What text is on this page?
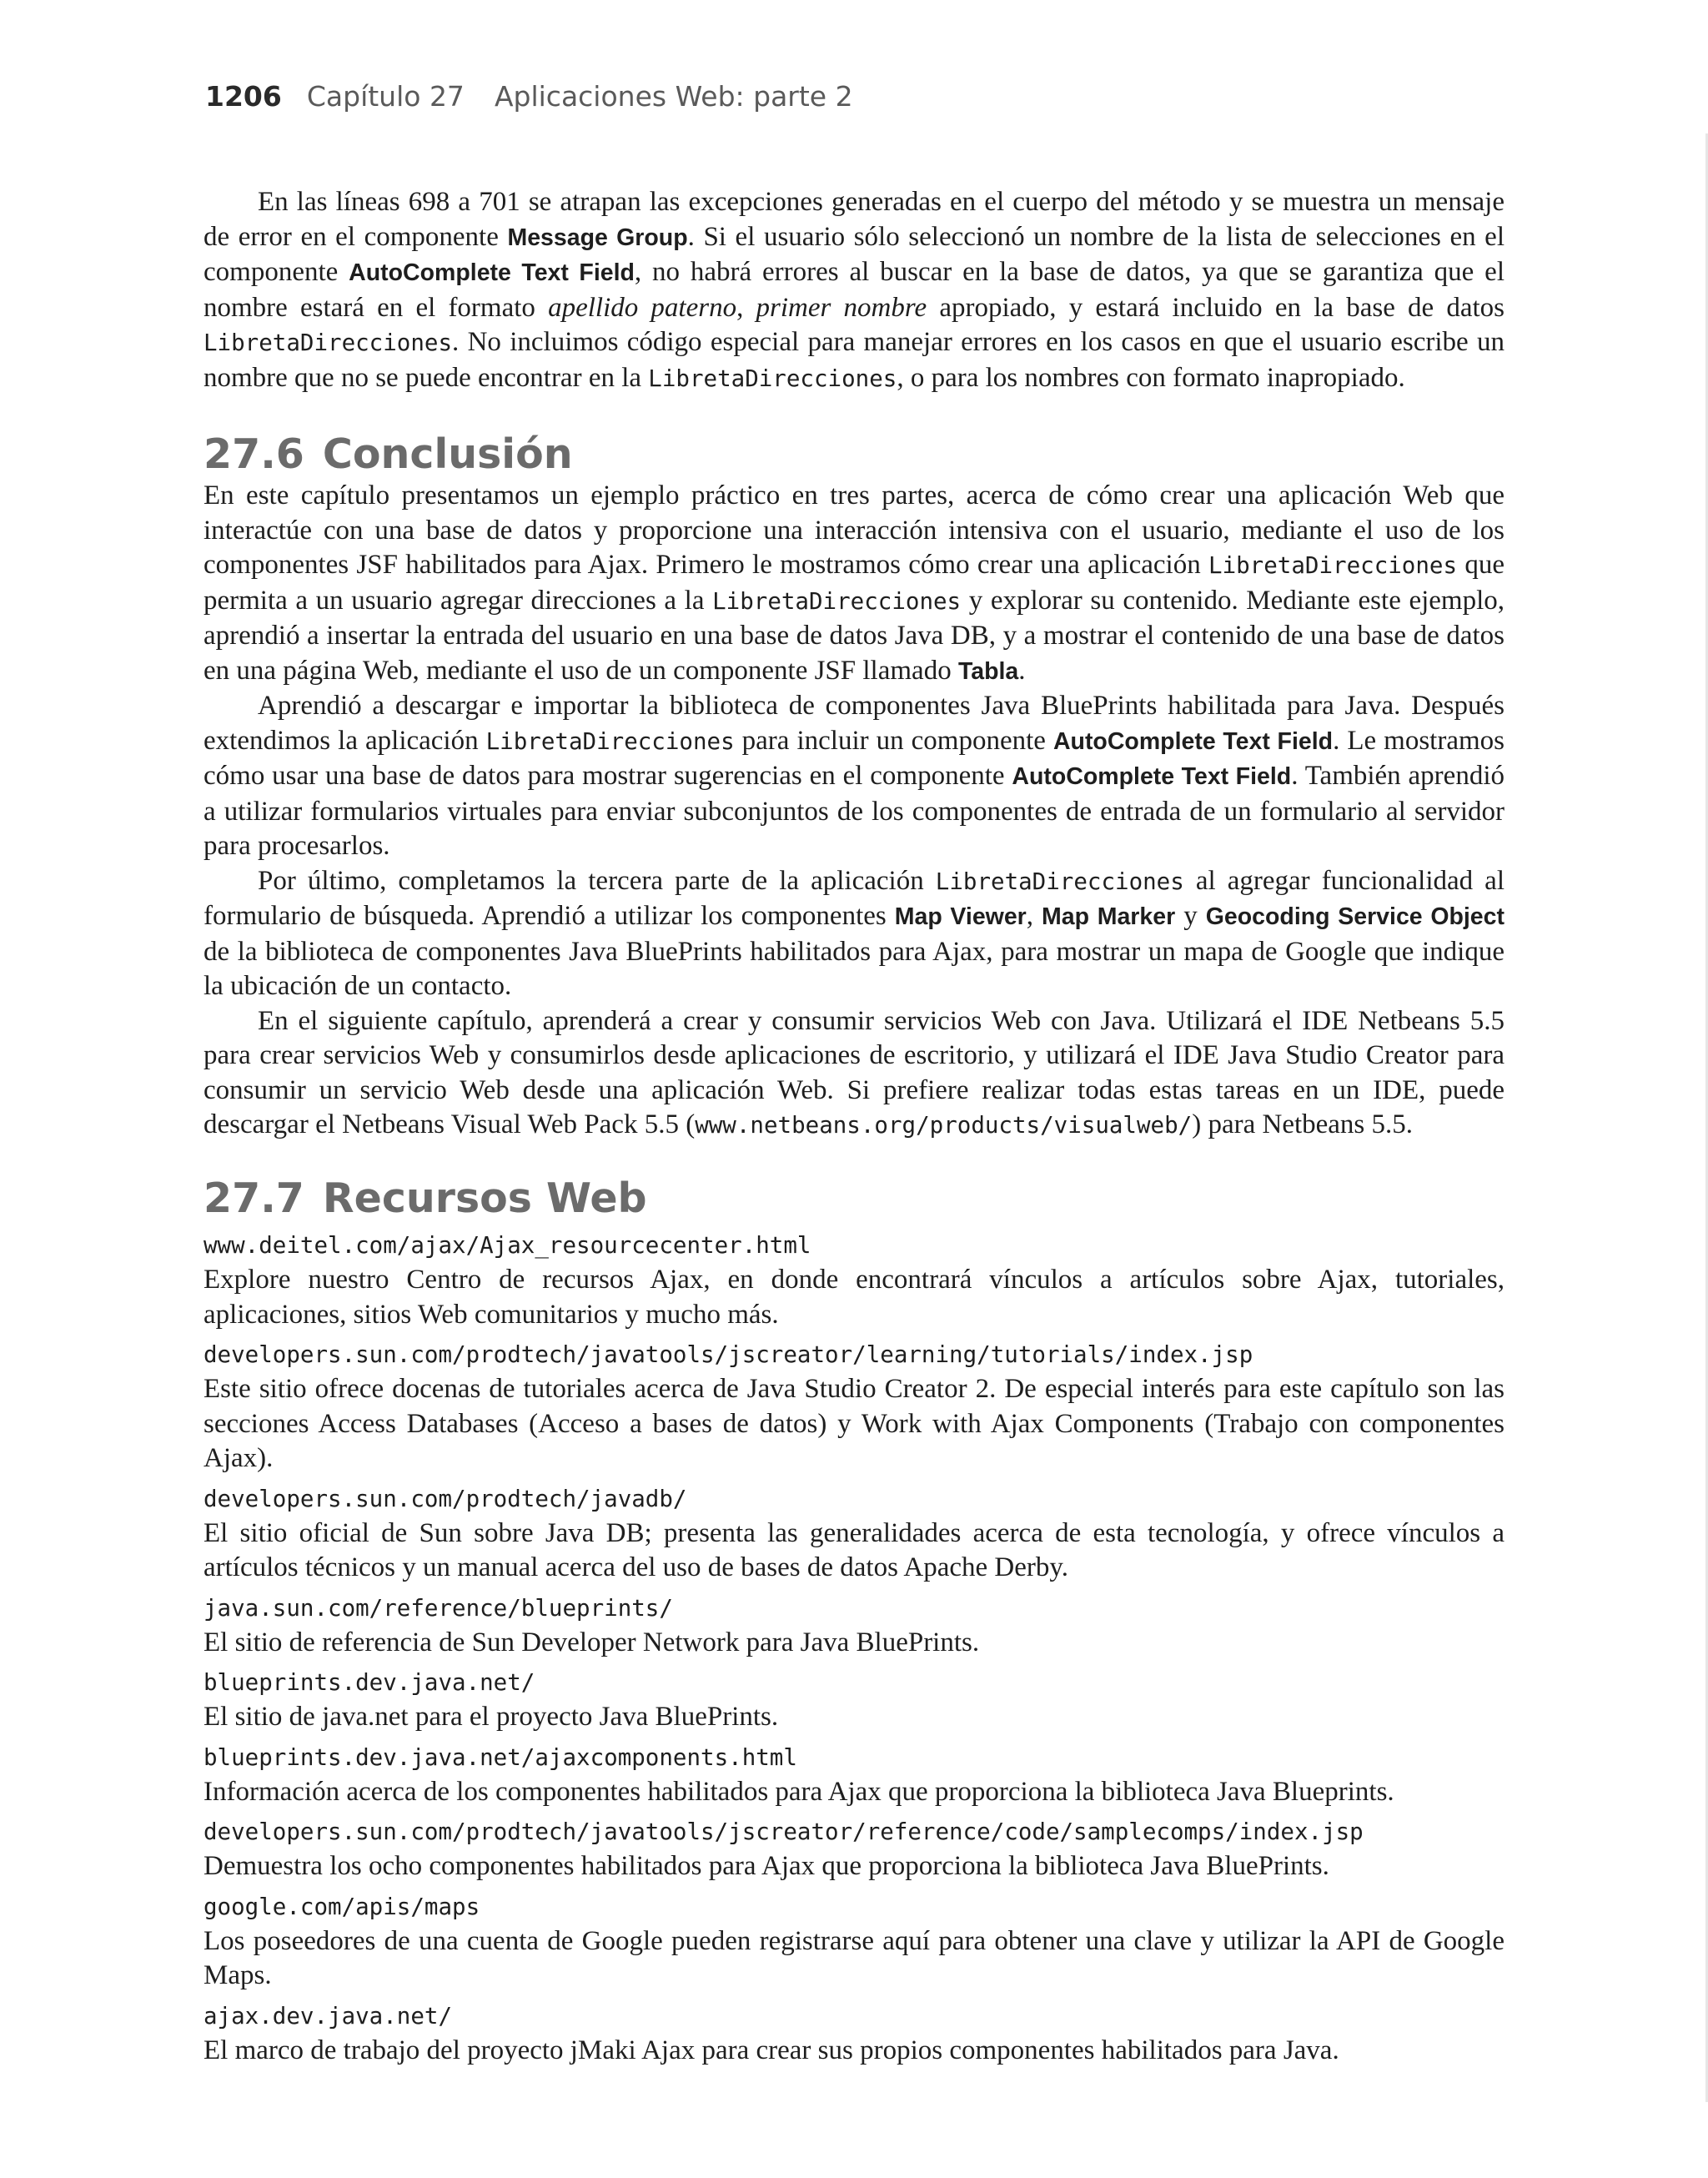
1206 Capítulo 27 Aplicaciones Web: parte 2

En las líneas 698 a 701 se atrapan las excepciones generadas en el cuerpo del método y se muestra un mensaje de error en el componente Message Group. Si el usuario sólo seleccionó un nombre de la lista de selecciones en el componente AutoComplete Text Field, no habrá errores al buscar en la base de datos, ya que se garantiza que el nombre estará en el formato apellido paterno, primer nombre apropiado, y estará incluido en la base de datos LibretaDirecciones. No incluimos código especial para manejar errores en los casos en que el usuario escribe un nombre que no se puede encontrar en la LibretaDirecciones, o para los nombres con formato inapropiado.

27.6 Conclusión

En este capítulo presentamos un ejemplo práctico en tres partes, acerca de cómo crear una aplicación Web que interactúe con una base de datos y proporcione una interacción intensiva con el usuario, mediante el uso de los componentes JSF habilitados para Ajax. Primero le mostramos cómo crear una aplicación LibretaDirecciones que permita a un usuario agregar direcciones a la LibretaDirecciones y explorar su contenido. Mediante este ejemplo, aprendió a insertar la entrada del usuario en una base de datos Java DB, y a mostrar el contenido de una base de datos en una página Web, mediante el uso de un componente JSF llamado Tabla.

Aprendió a descargar e importar la biblioteca de componentes Java BluePrints habilitada para Java. Después extendimos la aplicación LibretaDirecciones para incluir un componente AutoComplete Text Field. Le mostramos cómo usar una base de datos para mostrar sugerencias en el componente AutoComplete Text Field. También aprendió a utilizar formularios virtuales para enviar subconjuntos de los componentes de entrada de un formulario al servidor para procesarlos.

Por último, completamos la tercera parte de la aplicación LibretaDirecciones al agregar funcionalidad al formulario de búsqueda. Aprendió a utilizar los componentes Map Viewer, Map Marker y Geocoding Service Object de la biblioteca de componentes Java BluePrints habilitados para Ajax, para mostrar un mapa de Google que indique la ubicación de un contacto.

En el siguiente capítulo, aprenderá a crear y consumir servicios Web con Java. Utilizará el IDE Netbeans 5.5 para crear servicios Web y consumirlos desde aplicaciones de escritorio, y utilizará el IDE Java Studio Creator para consumir un servicio Web desde una aplicación Web. Si prefiere realizar todas estas tareas en un IDE, puede descargar el Netbeans Visual Web Pack 5.5 (www.netbeans.org/products/visualweb/) para Netbeans 5.5.

27.7 Recursos Web
www.deitel.com/ajax/Ajax_resourcecenter.html

Explore nuestro Centro de recursos Ajax, en donde encontrará vínculos a artículos sobre Ajax, tutoriales, aplicaciones, sitios Web comunitarios y mucho más.

developers.sun.com/prodtech/javatools/jscreator/learning/tutorials/index.jsp

Este sitio ofrece docenas de tutoriales acerca de Java Studio Creator 2. De especial interés para este capítulo son las secciones Access Databases (Acceso a bases de datos) y Work with Ajax Components (Trabajo con componentes Ajax).

developers.sun.com/prodtech/javadb/

El sitio oficial de Sun sobre Java DB; presenta las generalidades acerca de esta tecnología, y ofrece vínculos a artículos técnicos y un manual acerca del uso de bases de datos Apache Derby.

java.sun.com/reference/blueprints/

El sitio de referencia de Sun Developer Network para Java BluePrints.

blueprints.dev.java.net/

El sitio de java.net para el proyecto Java BluePrints.

blueprints.dev.java.net/ajaxcomponents.html

Información acerca de los componentes habilitados para Ajax que proporciona la biblioteca Java Blueprints.

developers.sun.com/prodtech/javatools/jscreator/reference/code/samplecomps/index.jsp

Demuestra los ocho componentes habilitados para Ajax que proporciona la biblioteca Java BluePrints.

google.com/apis/maps

Los poseedores de una cuenta de Google pueden registrarse aquí para obtener una clave y utilizar la API de Google Maps.

ajax.dev.java.net/

El marco de trabajo del proyecto jMaki Ajax para crear sus propios componentes habilitados para Java.
